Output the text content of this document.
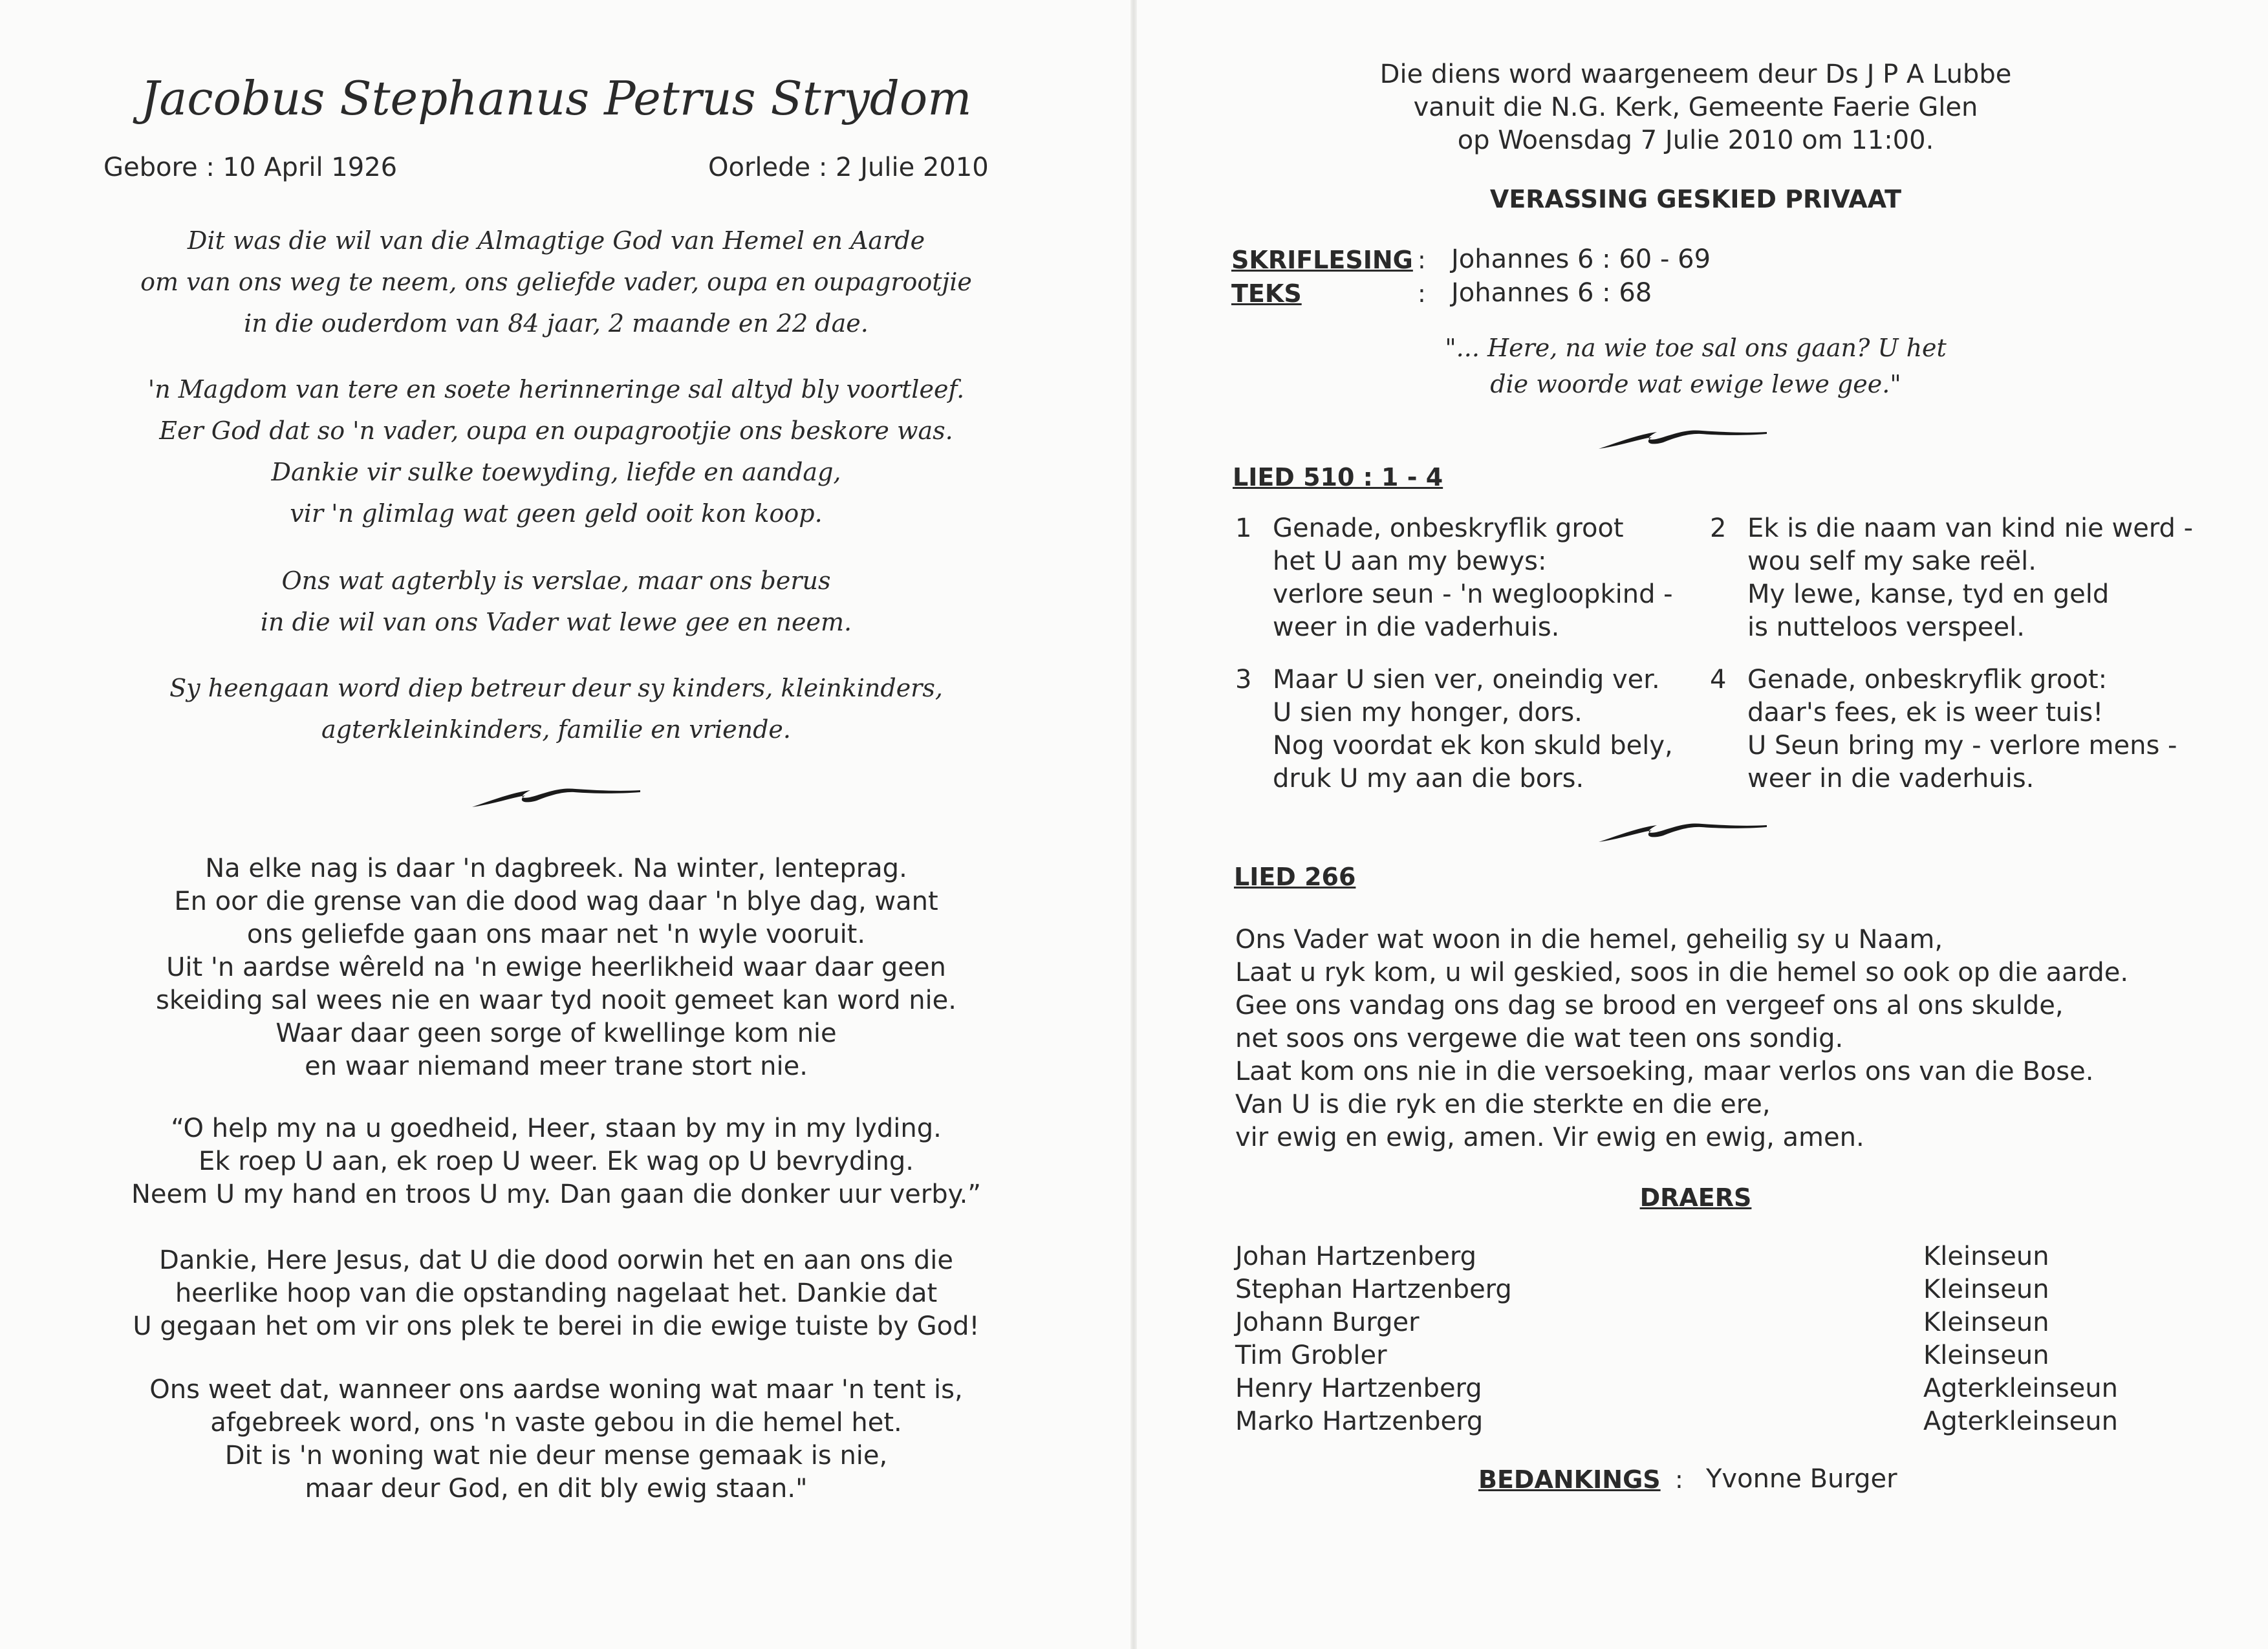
Jacobus Stephanus Petrus Strydom
Gebore : 10 April 1926	Oorlede : 2 Julie 2010
Dit was die wil van die Almagtige God van Hemel en Aarde
om van ons weg te neem, ons geliefde vader, oupa en oupagrootjie
in die ouderdom van 84 jaar, 2 maande en 22 dae.
'n Magdom van tere en soete herinneringe sal altyd bly voortleef.
Eer God dat so 'n vader, oupa en oupagrootjie ons beskore was.
Dankie vir sulke toewyding, liefde en aandag,
vir 'n glimlag wat geen geld ooit kon koop.
Ons wat agterbly is verslae, maar ons berus
in die wil van ons Vader wat lewe gee en neem.
Sy heengaan word diep betreur deur sy kinders, kleinkinders,
agterkleinkinders, familie en vriende.
Na elke nag is daar 'n dagbreek. Na winter, lenteprag.
En oor die grense van die dood wag daar 'n blye dag, want
ons geliefde gaan ons maar net 'n wyle vooruit.
Uit 'n aardse wêreld na 'n ewige heerlikheid waar daar geen
skeiding sal wees nie en waar tyd nooit gemeet kan word nie.
Waar daar geen sorge of kwellinge kom nie
en waar niemand meer trane stort nie.
“O help my na u goedheid, Heer, staan by my in my lyding.
Ek roep U aan, ek roep U weer. Ek wag op U bevryding.
Neem U my hand en troos U my. Dan gaan die donker uur verby.”
Dankie, Here Jesus, dat U die dood oorwin het en aan ons die
heerlike hoop van die opstanding nagelaat het. Dankie dat
U gegaan het om vir ons plek te berei in die ewige tuiste by God!
Ons weet dat, wanneer ons aardse woning wat maar 'n tent is,
afgebreek word, ons 'n vaste gebou in die hemel het.
Dit is 'n woning wat nie deur mense gemaak is nie,
maar deur God, en dit bly ewig staan."
Die diens word waargeneem deur Ds J P A Lubbe
vanuit die N.G. Kerk, Gemeente Faerie Glen
op Woensdag 7 Julie 2010 om 11:00.
VERASSING GESKIED PRIVAAT
SKRIFLESING : Johannes 6 : 60 - 69
TEKS	: Johannes 6 : 68
"... Here, na wie toe sal ons gaan? U het
die woorde wat ewige lewe gee."
LIED 510 : 1 - 4
1 Genade, onbeskryflik groot
het U aan my bewys:
verlore seun - 'n wegloopkind -
weer in die vaderhuis.
2 Ek is die naam van kind nie werd -
wou self my sake reël.
My lewe, kanse, tyd en geld
is nutteloos verspeel.
3 Maar U sien ver, oneindig ver.
U sien my honger, dors.
Nog voordat ek kon skuld bely,
druk U my aan die bors.
4 Genade, onbeskryflik groot:
daar's fees, ek is weer tuis!
U Seun bring my - verlore mens -
weer in die vaderhuis.
LIED 266
Ons Vader wat woon in die hemel, geheilig sy u Naam,
Laat u ryk kom, u wil geskied, soos in die hemel so ook op die aarde.
Gee ons vandag ons dag se brood en vergeef ons al ons skulde,
net soos ons vergewe die wat teen ons sondig.
Laat kom ons nie in die versoeking, maar verlos ons van die Bose.
Van U is die ryk en die sterkte en die ere,
vir ewig en ewig, amen. Vir ewig en ewig, amen.
DRAERS
Johan Hartzenberg	Kleinseun
Stephan Hartzenberg	Kleinseun
Johann Burger	Kleinseun
Tim Grobler	Kleinseun
Henry Hartzenberg	Agterkleinseun
Marko Hartzenberg	Agterkleinseun
BEDANKINGS : Yvonne Burger
